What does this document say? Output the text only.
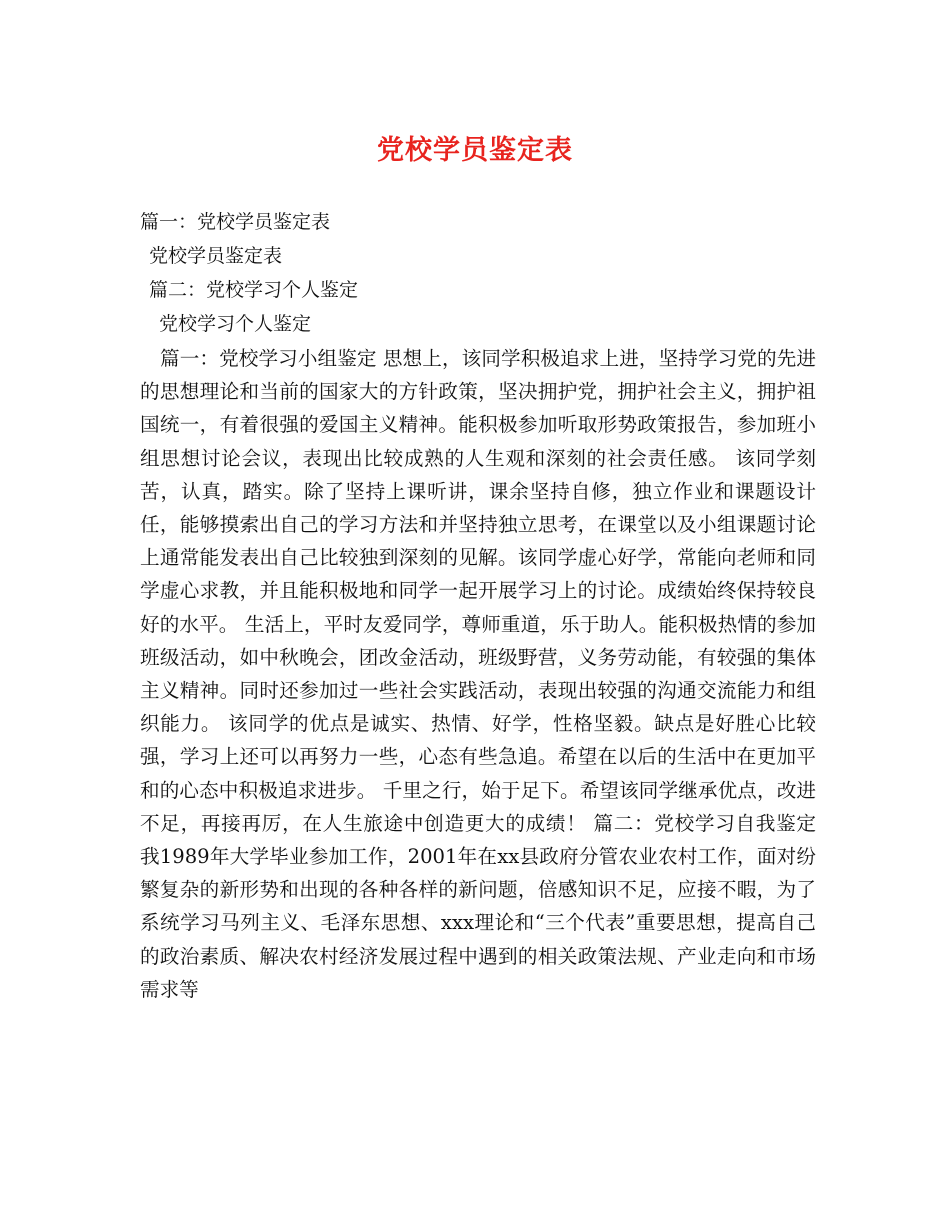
党校学员鉴定表

篇一：党校学员鉴定表

党校学员鉴定表

篇二：党校学习个人鉴定

党校学习个人鉴定

篇一：党校学习小组鉴定 思想上，该同学积极追求上进，坚持学习党的先进的思想理论和当前的国家大的方针政策，坚决拥护党，拥护社会主义，拥护祖国统一，有着很强的爱国主义精神。能积极参加听取形势政策报告，参加班小组思想讨论会议，表现出比较成熟的人生观和深刻的社会责任感。 该同学刻苦，认真，踏实。除了坚持上课听讲，课余坚持自修，独立作业和课题设计任，能够摸索出自己的学习方法和并坚持独立思考，在课堂以及小组课题讨论上通常能发表出自己比较独到深刻的见解。该同学虚心好学，常能向老师和同学虚心求教，并且能积极地和同学一起开展学习上的讨论。成绩始终保持较良好的水平。 生活上，平时友爱同学，尊师重道，乐于助人。能积极热情的参加班级活动，如中秋晚会，团改金活动，班级野营，义务劳动能，有较强的集体主义精神。同时还参加过一些社会实践活动，表现出较强的沟通交流能力和组织能力。 该同学的优点是诚实、热情、好学，性格坚毅。缺点是好胜心比较强，学习上还可以再努力一些，心态有些急追。希望在以后的生活中在更加平和的心态中积极追求进步。 千里之行，始于足下。希望该同学继承优点，改进不足，再接再厉，在人生旅途中创造更大的成绩！ 篇二：党校学习自我鉴定 我1989年大学毕业参加工作，2001年在xx县政府分管农业农村工作，面对纷繁复杂的新形势和出现的各种各样的新问题，倍感知识不足，应接不暇，为了系统学习马列主义、毛泽东思想、xxx理论和“三个代表”重要思想，提高自己的政治素质、解决农村经济发展过程中遇到的相关政策法规、产业走向和市场需求等
